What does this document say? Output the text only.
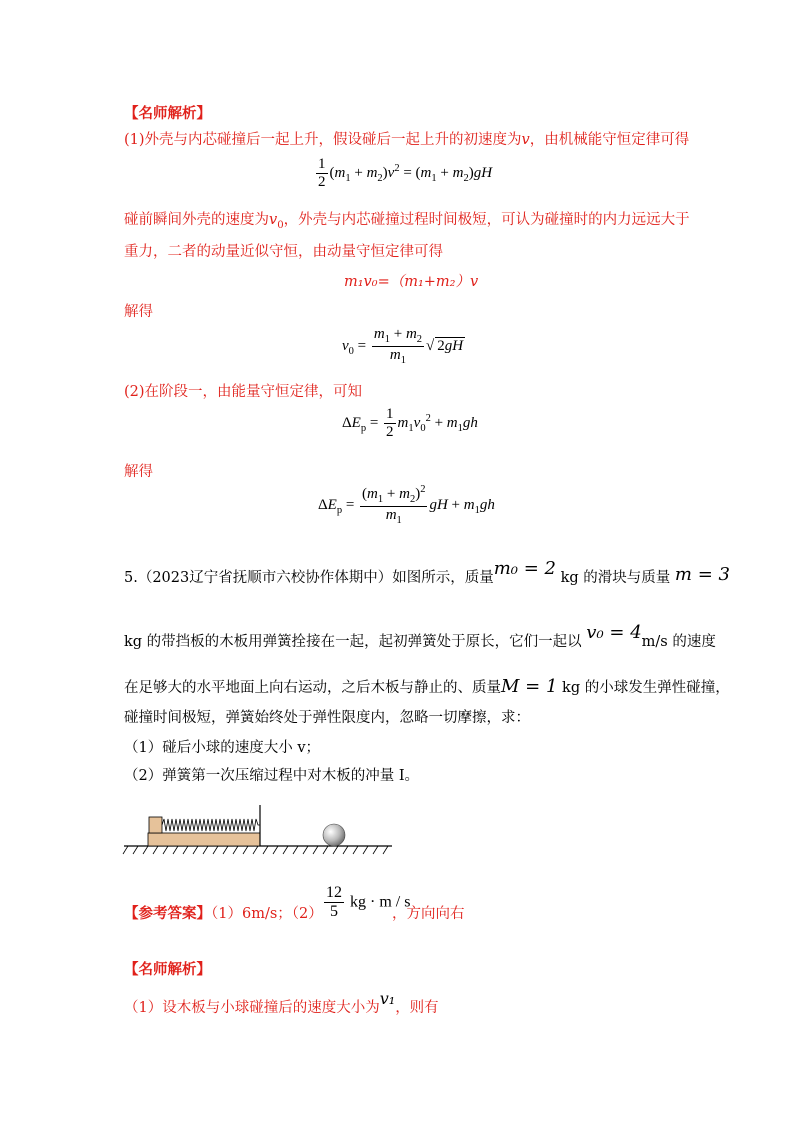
【名师解析】
(1)外壳与内芯碰撞后一起上升，假设碰后一起上升的初速度为v，由机械能守恒定律可得
$\frac{1}{2} (m_1 + m_2)v^2 = (m_1 + m_2)gH$
碰前瞬间外壳的速度为$v_0$，外壳与内芯碰撞过程时间极短，可认为碰撞时的内力远远大于
重力，二者的动量近似守恒，由动量守恒定律可得
m₁v₀=（m₁+m₂）v
解得
$v_0 = \frac{m_1 + m_2}{m_1}$ √ 2gH
(2)在阶段一，由能量守恒定律，可知
$\Delta E_p = \frac{1}{2} m_1v_0^2 + m_1gh$
解得
$\Delta E_p = \frac{(m_1 + m_2)^2}{m_1}$ gH + $m_1gh$
5.（2023辽宁省抚顺市六校协作体期中）如图所示，质量m₀ = 2 kg 的滑块与质量 m = 3
kg 的带挡板的木板用弹簧拴接在一起，起初弹簧处于原长，它们一起以 v₀ = 4m/s 的速度
在足够大的水平地面上向右运动，之后木板与静止的、质量M = 1 kg 的小球发生弹性碰撞，
碰撞时间极短，弹簧始终处于弹性限度内，忽略一切摩擦，求：
（1）碰后小球的速度大小 v；
（2）弹簧第一次压缩过程中对木板的冲量 I。
【参考答案】（1）6m/s；$(2) \frac{12}{5}$ kg · m / s
，方向向右
【名师解析】
（1）设木板与小球碰撞后的速度大小为v₁，则有
